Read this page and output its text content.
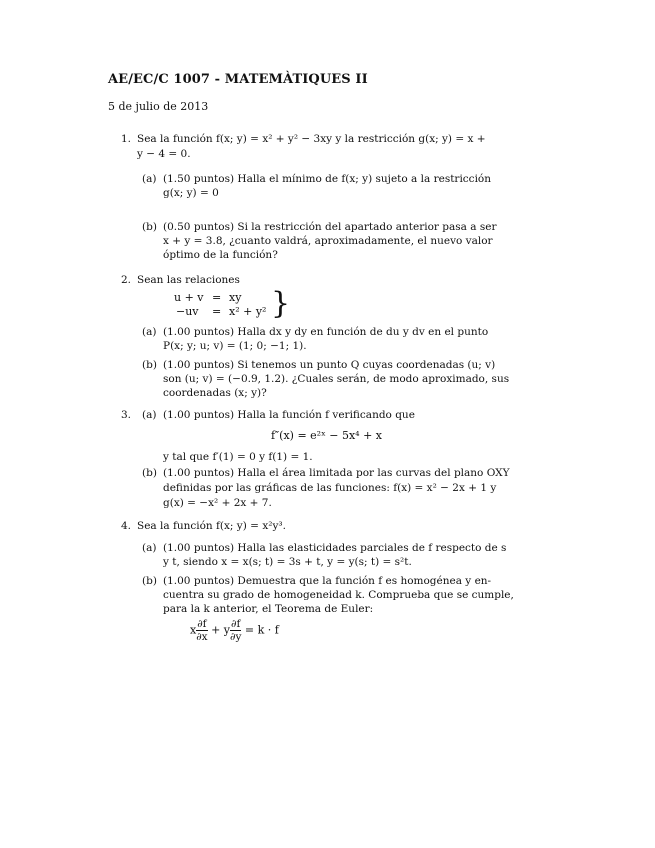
AE/EC/C 1007 - MATEMÀTIQUES II
5 de julio de 2013
1. Sea la función f(x; y) = x² + y² − 3xy y la restricción g(x; y) = x +
y − 4 = 0.
(a) (1.50 puntos) Halla el mínimo de f(x; y) sujeto a la restricción
g(x; y) = 0
(b) (0.50 puntos) Si la restricción del apartado anterior pasa a ser
x + y = 3.8, ¿cuanto valdrá, aproximadamente, el nuevo valor
óptimo de la función?
2. Sean las relaciones
u + v = xy
−uv = x² + y² }
(a) (1.00 puntos) Halla dx y dy en función de du y dv en el punto
P(x; y; u; v) = (1; 0; −1; 1).
(b) (1.00 puntos) Si tenemos un punto Q cuyas coordenadas (u; v)
son (u; v) = (−0.9, 1.2). ¿Cuales serán, de modo aproximado, sus
coordenadas (x; y)?
3. (a) (1.00 puntos) Halla la función f verificando que
f″(x) = e²ˣ − 5x⁴ + x
y tal que f′(1) = 0 y f(1) = 1.
(b) (1.00 puntos) Halla el área limitada por las curvas del plano OXY
definidas por las gráficas de las funciones: f(x) = x² − 2x + 1 y
g(x) = −x² + 2x + 7.
4. Sea la función f(x; y) = x²y³.
(a) (1.00 puntos) Halla las elasticidades parciales de f respecto de s
y t, siendo x = x(s; t) = 3s + t, y = y(s; t) = s²t.
(b) (1.00 puntos) Demuestra que la función f es homogénea y en-
cuentra su grado de homogeneidad k. Comprueba que se cumple,
para la k anterior, el Teorema de Euler:
x $\frac{\partial f}{\partial x} + y \frac{\partial f}{\partial y} = k \cdot f$
